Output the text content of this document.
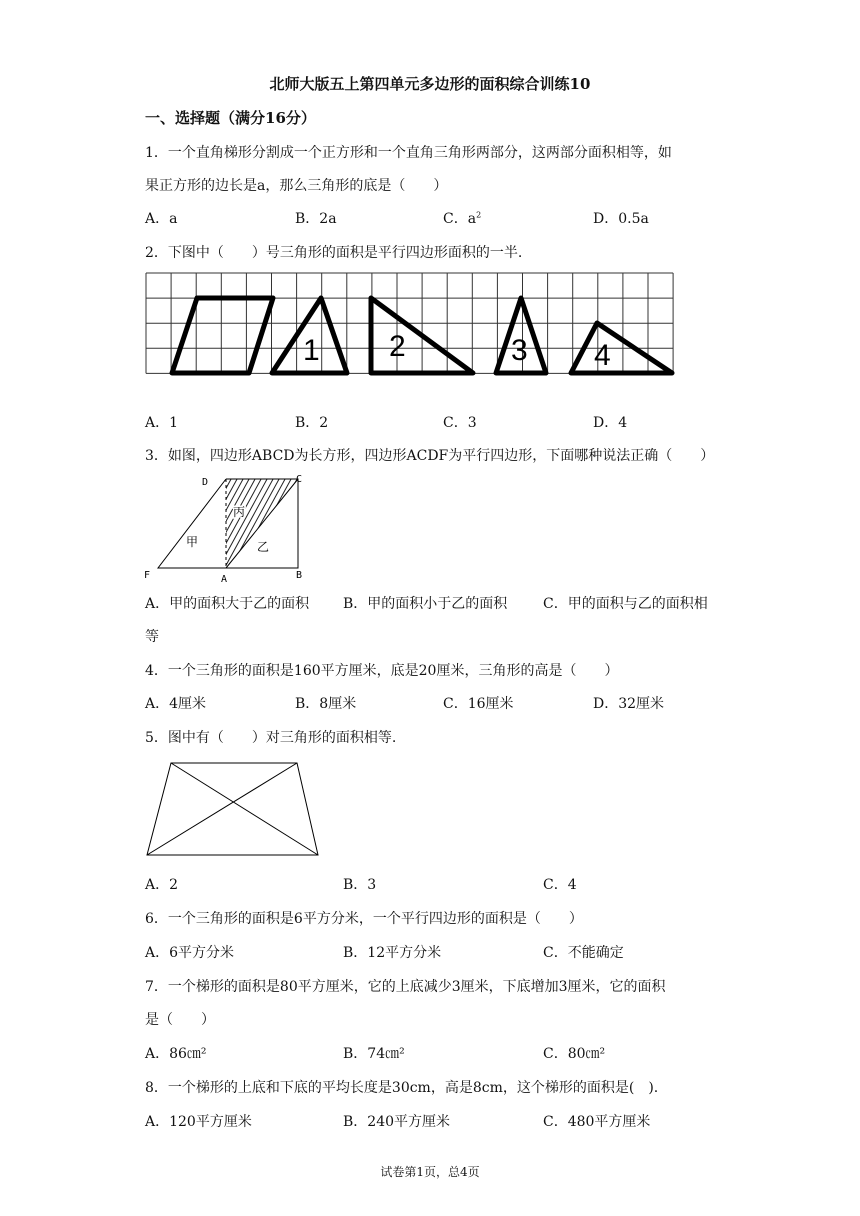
北师大版五上第四单元多边形的面积综合训练10
一、选择题（满分16分）
1．一个直角梯形分割成一个正方形和一个直角三角形两部分，这两部分面积相等，如
果正方形的边长是a，那么三角形的底是（　　）
A．a	B．2a	C．$a^2$	D．0.5a
2．下图中（　　）号三角形的面积是平行四边形面积的一半.
1 2	3 4
A．1	B．2	C．3	D．4
3．如图，四边形ABCD为长方形，四边形ACDF为平行四边形，下面哪种说法正确（　　）
D	C
F	A	B
甲	乙
丙
A．甲的面积大于乙的面积 B．甲的面积小于乙的面积	C．甲的面积与乙的面积相
等
4．一个三角形的面积是160平方厘米，底是20厘米，三角形的高是（　　）
A．4厘米	B．8厘米	C．16厘米	D．32厘米
5．图中有（　　）对三角形的面积相等.
A．2	B．3	C．4
6．一个三角形的面积是6平方分米，一个平行四边形的面积是（　　）
A．6平方分米	B．12平方分米	C．不能确定
7．一个梯形的面积是80平方厘米，它的上底减少3厘米，下底增加3厘米，它的面积
是（　　）
A．86㎝²	B．74㎝²	C．80㎝²
8．一个梯形的上底和下底的平均长度是30cm，高是8cm，这个梯形的面积是(　).
A．120平方厘米	B．240平方厘米	C．480平方厘米
试卷第1页，总4页
